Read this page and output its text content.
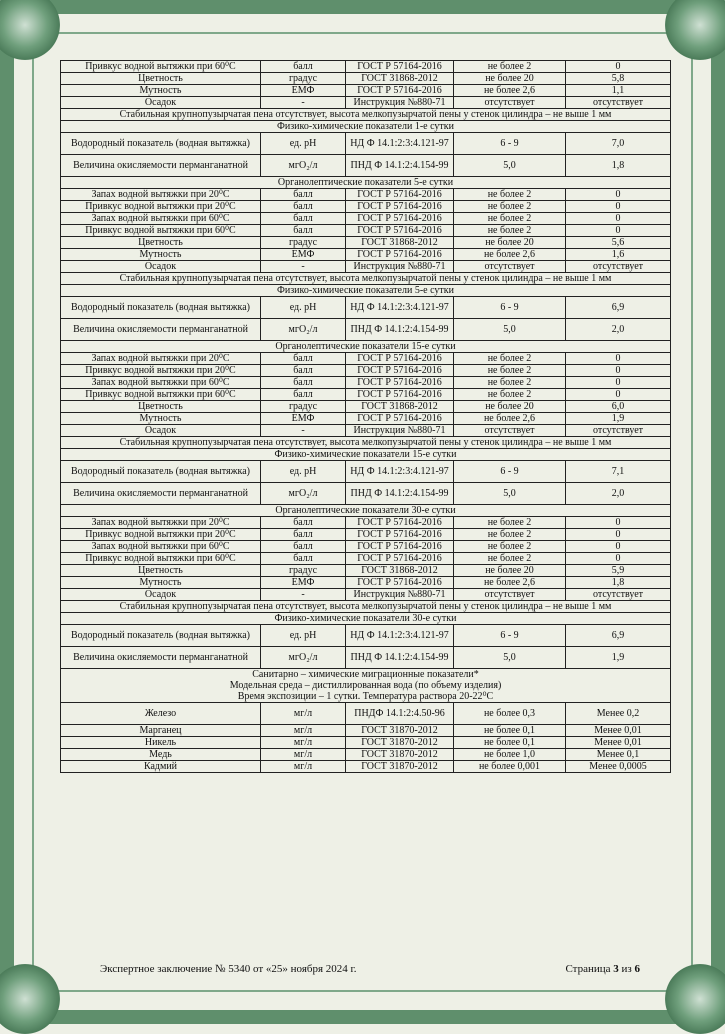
Привкус водной вытяжки при 60⁰С	балл	ГОСТ Р 57164-2016	не более 2	0
Цветность	градус	ГОСТ 31868-2012	не более 20	5,8
Мутность	ЕМФ	ГОСТ Р 57164-2016	не более 2,6	1,1
Осадок	-	Инструкция №880-71	отсутствует	отсутствует
Стабильная крупнопузырчатая пена отсутствует, высота мелкопузырчатой пены у стенок цилиндра – не выше 1 мм				
Физико-химические показатели 1-е сутки				
Водородный показатель (водная вытяжка)	ед. рН	НД Ф 14.1:2:3:4.121-97	6 - 9	7,0
Величина окисляемости перманганатной	мгО₂/л	ПНД Ф 14.1:2:4.154-99	5,0	1,8
Органолептические показатели 5-е сутки				
Запах водной вытяжки при 20⁰С	балл	ГОСТ Р 57164-2016	не более 2	0
Привкус водной вытяжки при 20⁰С	балл	ГОСТ Р 57164-2016	не более 2	0
Запах водной вытяжки при 60⁰С	балл	ГОСТ Р 57164-2016	не более 2	0
Привкус водной вытяжки при 60⁰С	балл	ГОСТ Р 57164-2016	не более 2	0
Цветность	градус	ГОСТ 31868-2012	не более 20	5,6
Мутность	ЕМФ	ГОСТ Р 57164-2016	не более 2,6	1,6
Осадок	-	Инструкция №880-71	отсутствует	отсутствует
Стабильная крупнопузырчатая пена отсутствует, высота мелкопузырчатой пены у стенок цилиндра – не выше 1 мм				
Физико-химические показатели 5-е сутки				
Водородный показатель (водная вытяжка)	ед. рН	НД Ф 14.1:2:3:4.121-97	6 - 9	6,9
Величина окисляемости перманганатной	мгО₂/л	ПНД Ф 14.1:2:4.154-99	5,0	2,0
Органолептические показатели 15-е сутки				
Запах водной вытяжки при 20⁰С	балл	ГОСТ Р 57164-2016	не более 2	0
Привкус водной вытяжки при 20⁰С	балл	ГОСТ Р 57164-2016	не более 2	0
Запах водной вытяжки при 60⁰С	балл	ГОСТ Р 57164-2016	не более 2	0
Привкус водной вытяжки при 60⁰С	балл	ГОСТ Р 57164-2016	не более 2	0
Цветность	градус	ГОСТ 31868-2012	не более 20	6,0
Мутность	ЕМФ	ГОСТ Р 57164-2016	не более 2,6	1,9
Осадок	-	Инструкция №880-71	отсутствует	отсутствует
Стабильная крупнопузырчатая пена отсутствует, высота мелкопузырчатой пены у стенок цилиндра – не выше 1 мм				
Физико-химические показатели 15-е сутки				
Водородный показатель (водная вытяжка)	ед. рН	НД Ф 14.1:2:3:4.121-97	6 - 9	7,1
Величина окисляемости перманганатной	мгО₂/л	ПНД Ф 14.1:2:4.154-99	5,0	2,0
Органолептические показатели 30-е сутки				
Запах водной вытяжки при 20⁰С	балл	ГОСТ Р 57164-2016	не более 2	0
Привкус водной вытяжки при 20⁰С	балл	ГОСТ Р 57164-2016	не более 2	0
Запах водной вытяжки при 60⁰С	балл	ГОСТ Р 57164-2016	не более 2	0
Привкус водной вытяжки при 60⁰С	балл	ГОСТ Р 57164-2016	не более 2	0
Цветность	градус	ГОСТ 31868-2012	не более 20	5,9
Мутность	ЕМФ	ГОСТ Р 57164-2016	не более 2,6	1,8
Осадок	-	Инструкция №880-71	отсутствует	отсутствует
Стабильная крупнопузырчатая пена отсутствует, высота мелкопузырчатой пены у стенок цилиндра – не выше 1 мм				
Физико-химические показатели 30-е сутки				
Водородный показатель (водная вытяжка)	ед. рН	НД Ф 14.1:2:3:4.121-97	6 - 9	6,9
Величина окисляемости перманганатной	мгО₂/л	ПНД Ф 14.1:2:4.154-99	5,0	1,9

Санитарно – химические миграционные показатели*
Модельная среда – дистиллированная вода (по объему изделия)
Время экспозиции – 1 сутки. Температура раствора 20-22⁰С				

Железо	мг/л	ПНДФ 14.1:2:4.50-96	не более 0,3	Менее 0,2
Марганец	мг/л	ГОСТ 31870-2012	не более 0,1	Менее 0,01
Никель	мг/л	ГОСТ 31870-2012	не более 0,1	Менее 0,01
Медь	мг/л	ГОСТ 31870-2012	не более 1,0	Менее 0,1
Кадмий	мг/л	ГОСТ 31870-2012	не более 0,001	Менее 0,0005
Экспертное заключение № 5340 от «25» ноября 2024 г.	Страница 3 из 6
